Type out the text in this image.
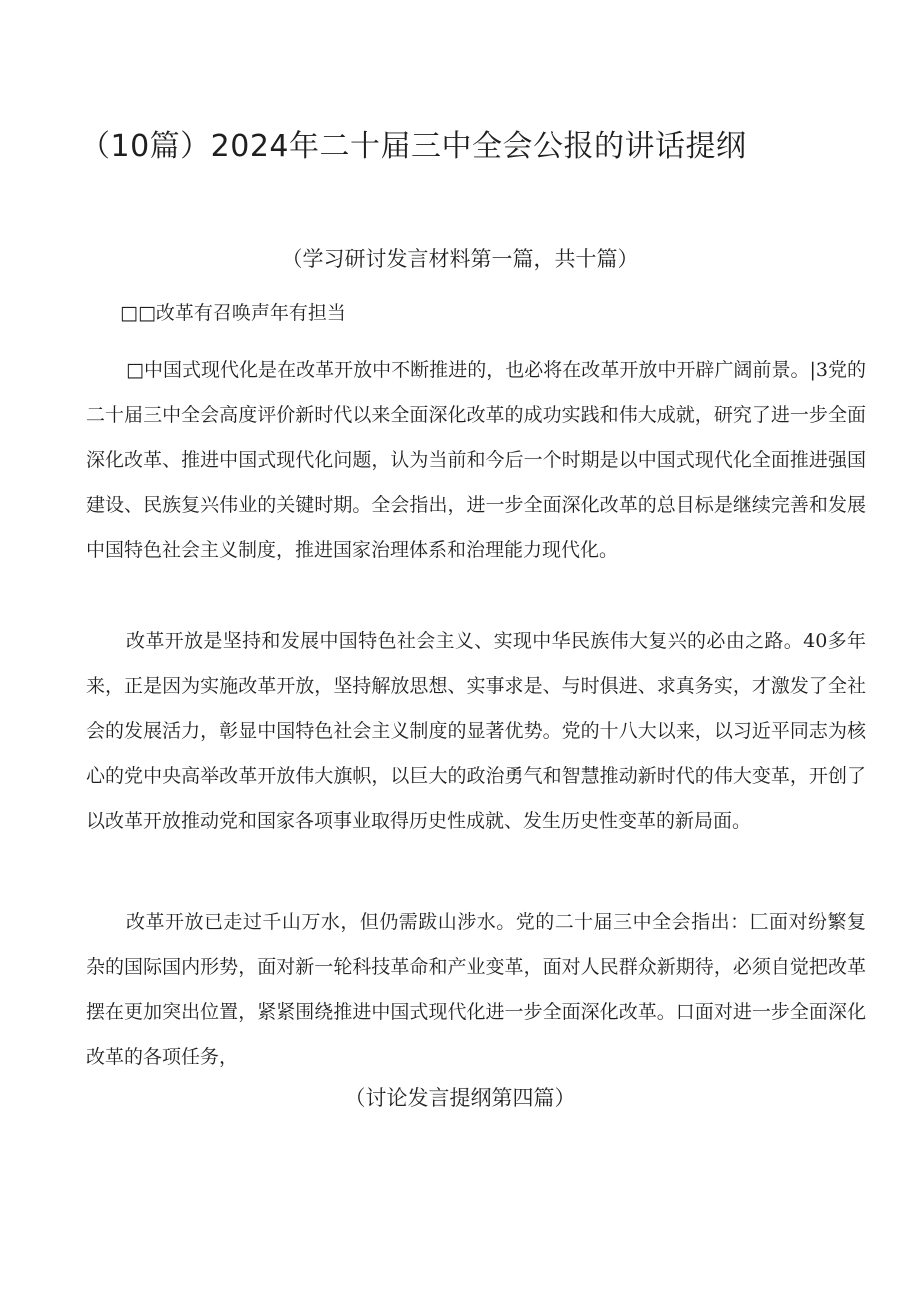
（10篇）2024年二十届三中全会公报的讲话提纲
（学习研讨发言材料第一篇，共十篇）
□□改革有召唤声年有担当
□中国式现代化是在改革开放中不断推进的，也必将在改革开放中开辟广阔前景。|3党的二十届三中全会高度评价新时代以来全面深化改革的成功实践和伟大成就，研究了进一步全面深化改革、推进中国式现代化问题，认为当前和今后一个时期是以中国式现代化全面推进强国建设、民族复兴伟业的关键时期。全会指出，进一步全面深化改革的总目标是继续完善和发展中国特色社会主义制度，推进国家治理体系和治理能力现代化。
改革开放是坚持和发展中国特色社会主义、实现中华民族伟大复兴的必由之路。40多年来，正是因为实施改革开放，坚持解放思想、实事求是、与时俱进、求真务实，才激发了全社会的发展活力，彰显中国特色社会主义制度的显著优势。党的十八大以来，以习近平同志为核心的党中央高举改革开放伟大旗帜，以巨大的政治勇气和智慧推动新时代的伟大变革，开创了以改革开放推动党和国家各项事业取得历史性成就、发生历史性变革的新局面。
改革开放已走过千山万水，但仍需跋山涉水。党的二十届三中全会指出：匚面对纷繁复杂的国际国内形势，面对新一轮科技革命和产业变革，面对人民群众新期待，必须自觉把改革摆在更加突出位置，紧紧围绕推进中国式现代化进一步全面深化改革。口面对进一步全面深化改革的各项任务，
（讨论发言提纲第四篇）
